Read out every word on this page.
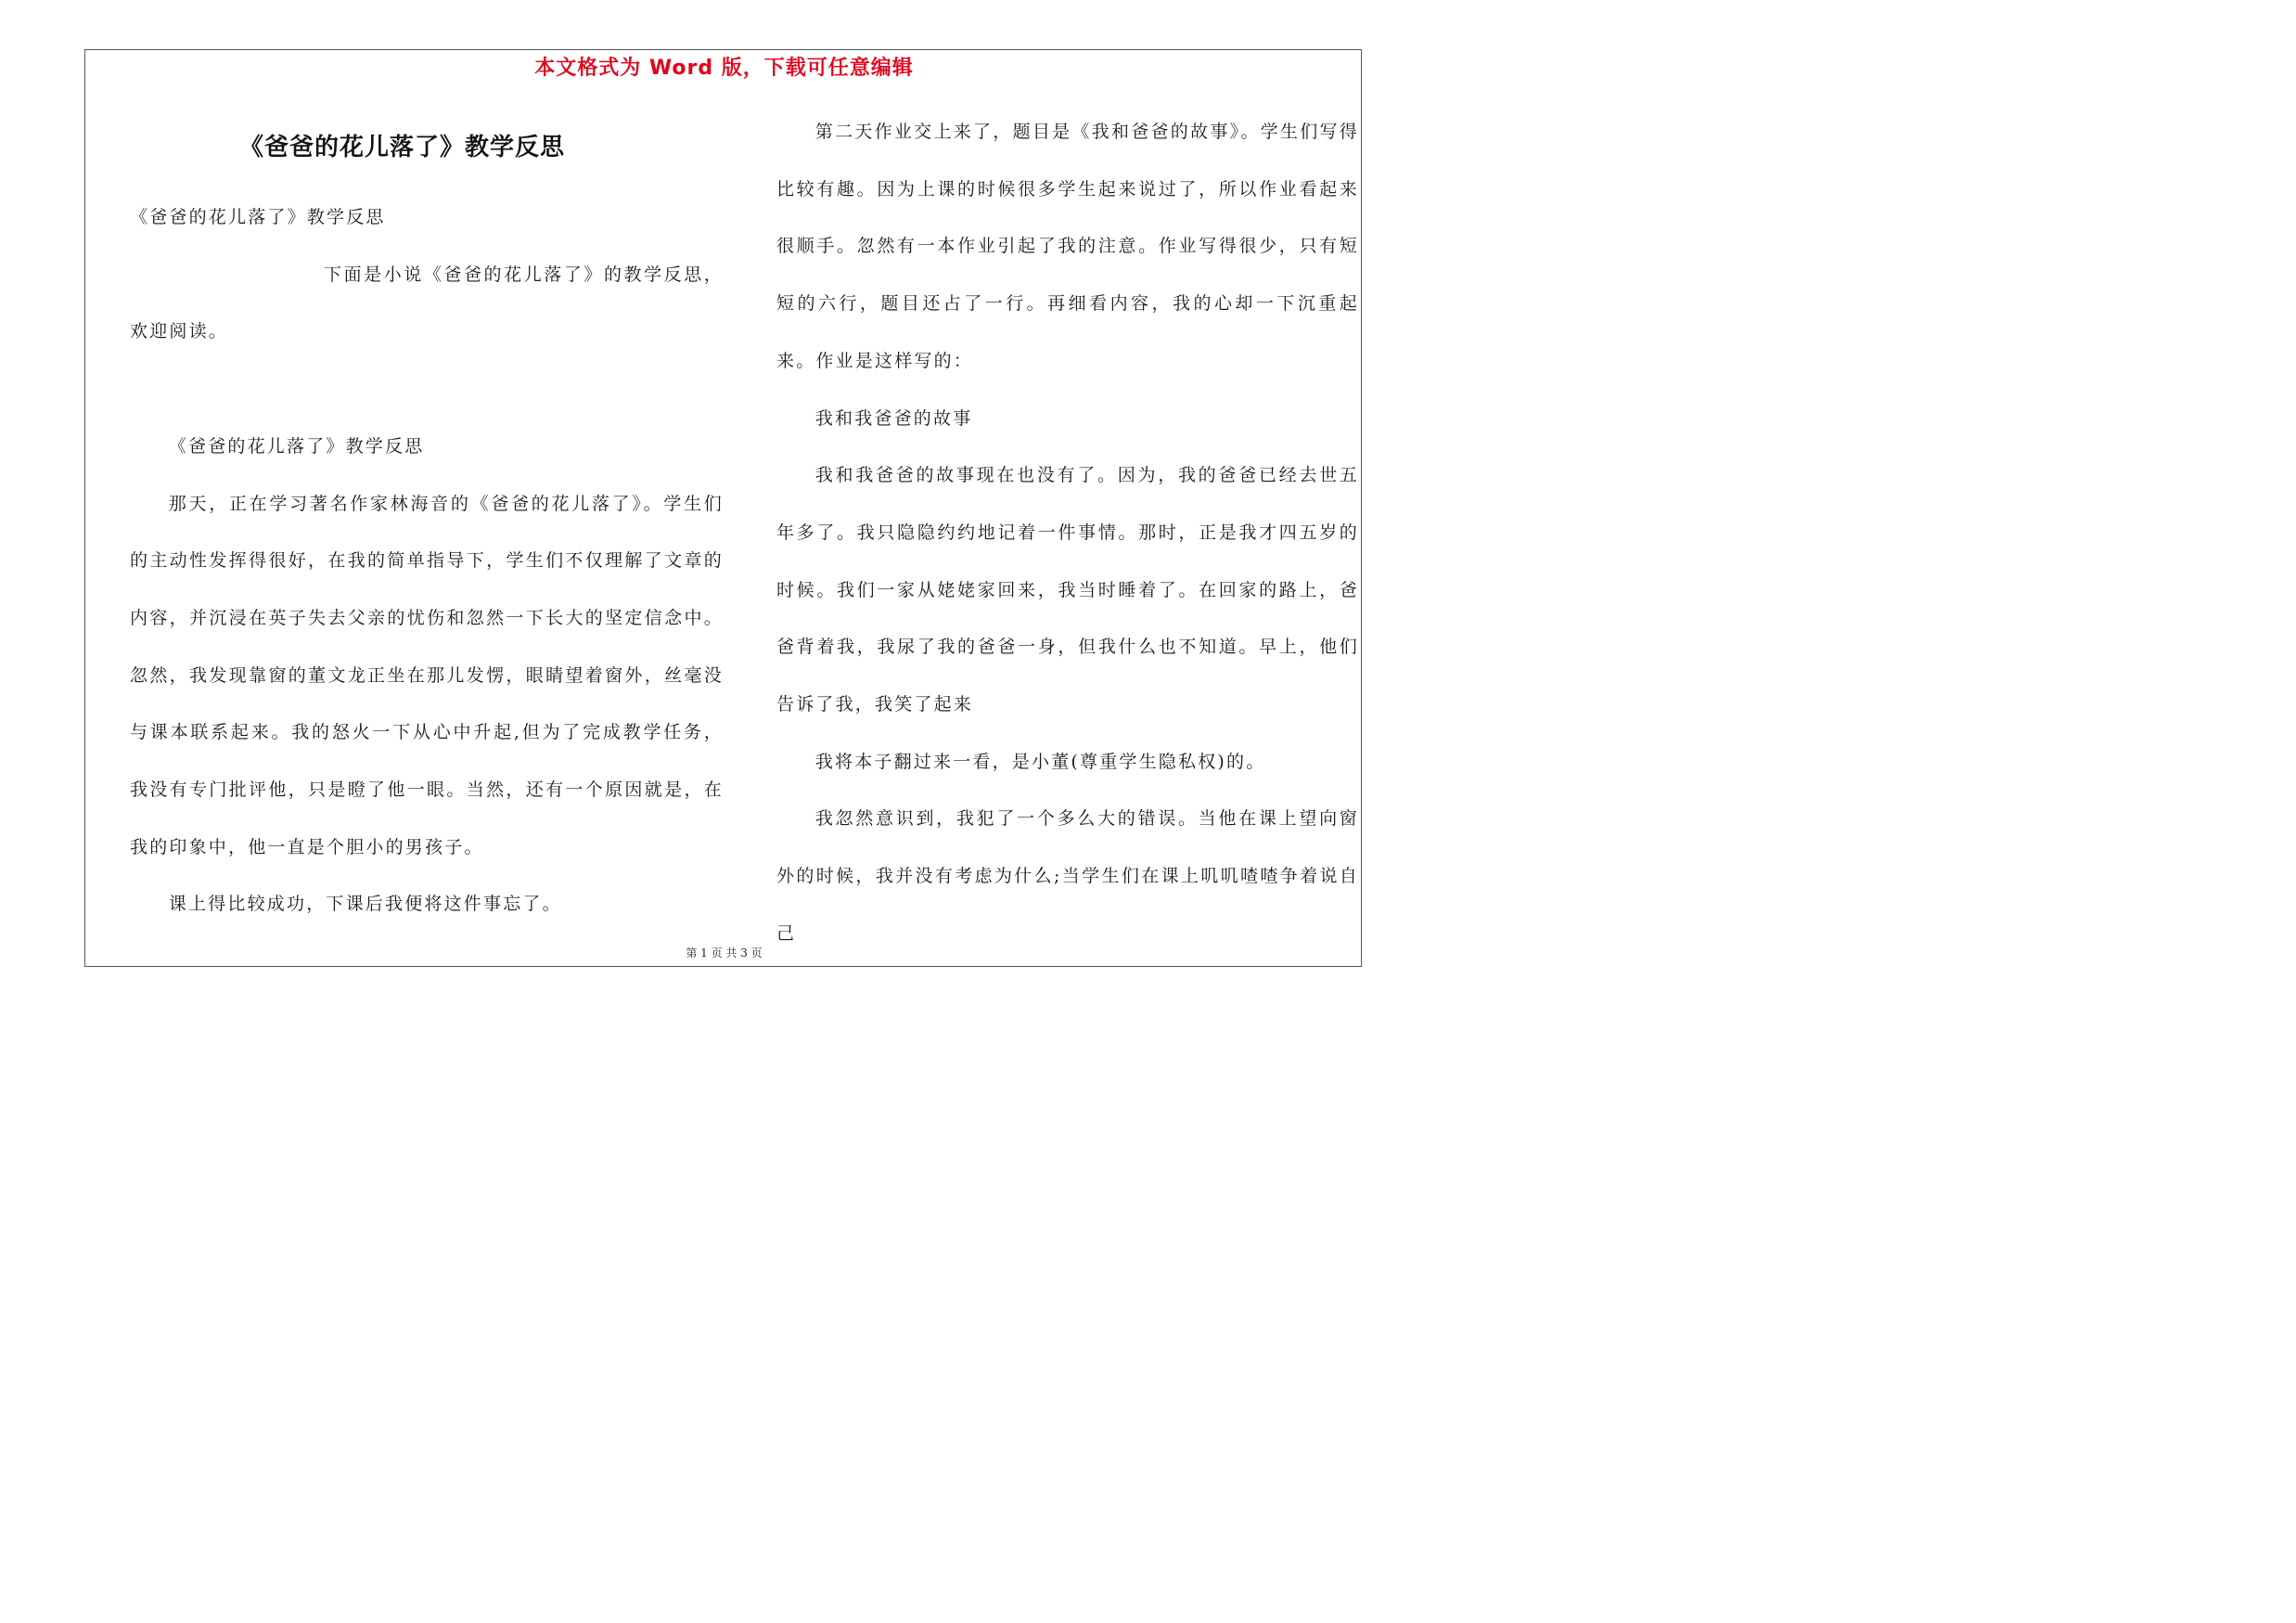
本文格式为 Word 版，下载可任意编辑
《爸爸的花儿落了》教学反思

《爸爸的花儿落了》教学反思

下面是小说《爸爸的花儿落了》的教学反思，欢迎阅读。

《爸爸的花儿落了》教学反思

那天，正在学习著名作家林海音的《爸爸的花儿落了》。学生们的主动性发挥得很好，在我的简单指导下，学生们不仅理解了文章的内容，并沉浸在英子失去父亲的忧伤和忽然一下长大的坚定信念中。忽然，我发现靠窗的董文龙正坐在那儿发愣，眼睛望着窗外，丝毫没与课本联系起来。我的怒火一下从心中升起,但为了完成教学任务，我没有专门批评他，只是瞪了他一眼。当然，还有一个原因就是，在我的印象中，他一直是个胆小的男孩子。

课上得比较成功，下课后我便将这件事忘了。

第二天作业交上来了，题目是《我和爸爸的故事》。学生们写得比较有趣。因为上课的时候很多学生起来说过了，所以作业看起来很顺手。忽然有一本作业引起了我的注意。作业写得很少，只有短短的六行，题目还占了一行。再细看内容，我的心却一下沉重起来。作业是这样写的：

我和我爸爸的故事

我和我爸爸的故事现在也没有了。因为，我的爸爸已经去世五年多了。我只隐隐约约地记着一件事情。那时，正是我才四五岁的时候。我们一家从姥姥家回来，我当时睡着了。在回家的路上，爸爸背着我，我尿了我的爸爸一身，但我什么也不知道。早上，他们告诉了我，我笑了起来

我将本子翻过来一看，是小董(尊重学生隐私权)的。

我忽然意识到，我犯了一个多么大的错误。当他在课上望向窗外的时候，我并没有考虑为什么;当学生们在课上叽叽喳喳争着说自己

第 1 页 共 3 页
